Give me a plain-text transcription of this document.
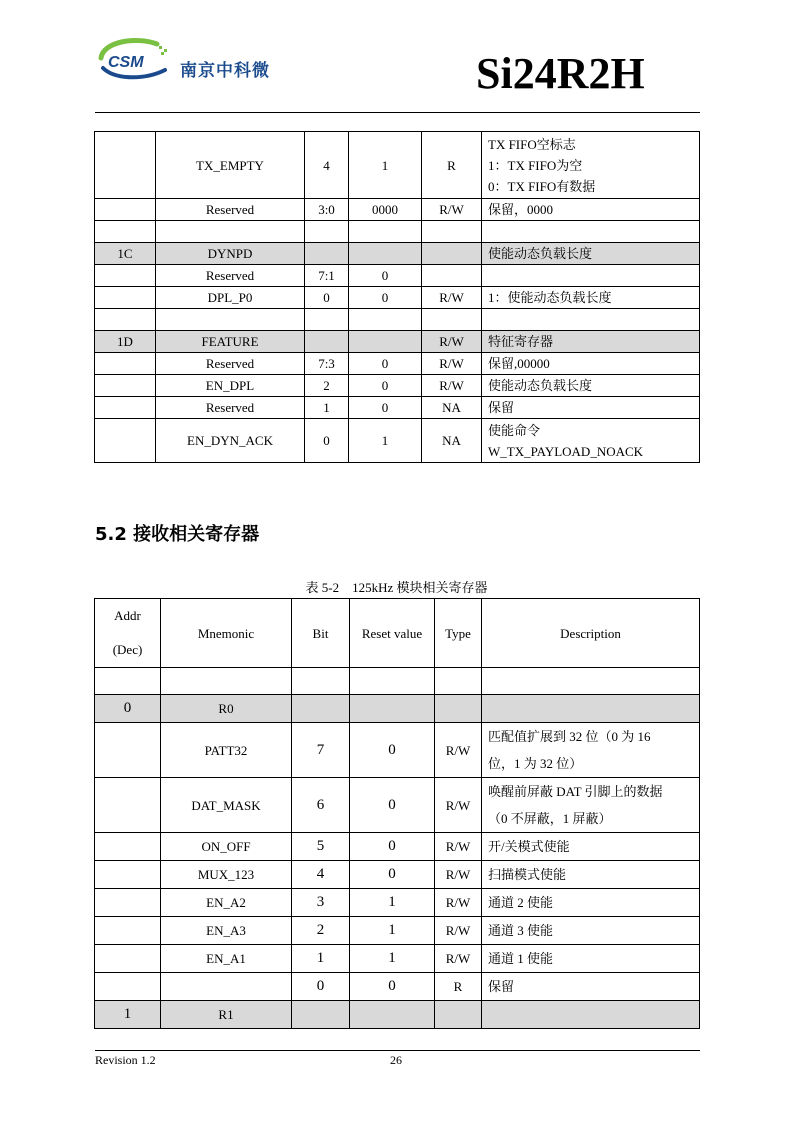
CSM 南京中科微	Si24R2H
	TX_EMPTY	4	1	R	TX FIFO空标志
1：TX FIFO为空
0：TX FIFO有数据

	Reserved	3:0	0000	R/W	保留，0000

1C	DYNPD				使能动态负载长度

	Reserved	7:1	0		

	DPL_P0	0	0	R/W	1：使能动态负载长度

1D	FEATURE			R/W	特征寄存器

	Reserved	7:3	0	R/W	保留,00000

	EN_DPL	2	0	R/W	使能动态负载长度

	Reserved	1	0	NA	保留

	EN_DYN_ACK	0	1	NA	使能命令
W_TX_PAYLOAD_NOACK
5.2 接收相关寄存器
表 5-2    125kHz 模块相关寄存器
Addr
(Dec)	Mnemonic	Bit	Reset value	Type	Description

0	R0				

	PATT32	7	0	R/W	匹配值扩展到 32 位（0 为 16
位，1 为 32 位）

	DAT_MASK	6	0	R/W	唤醒前屏蔽 DAT 引脚上的数据
（0 不屏蔽，1 屏蔽）

	ON_OFF	5	0	R/W	开/关模式使能

	MUX_123	4	0	R/W	扫描模式使能

	EN_A2	3	1	R/W	通道 2 使能

	EN_A3	2	1	R/W	通道 3 使能

	EN_A1	1	1	R/W	通道 1 使能

		0	0	R	保留

1	R1				
Revision 1.2	26
